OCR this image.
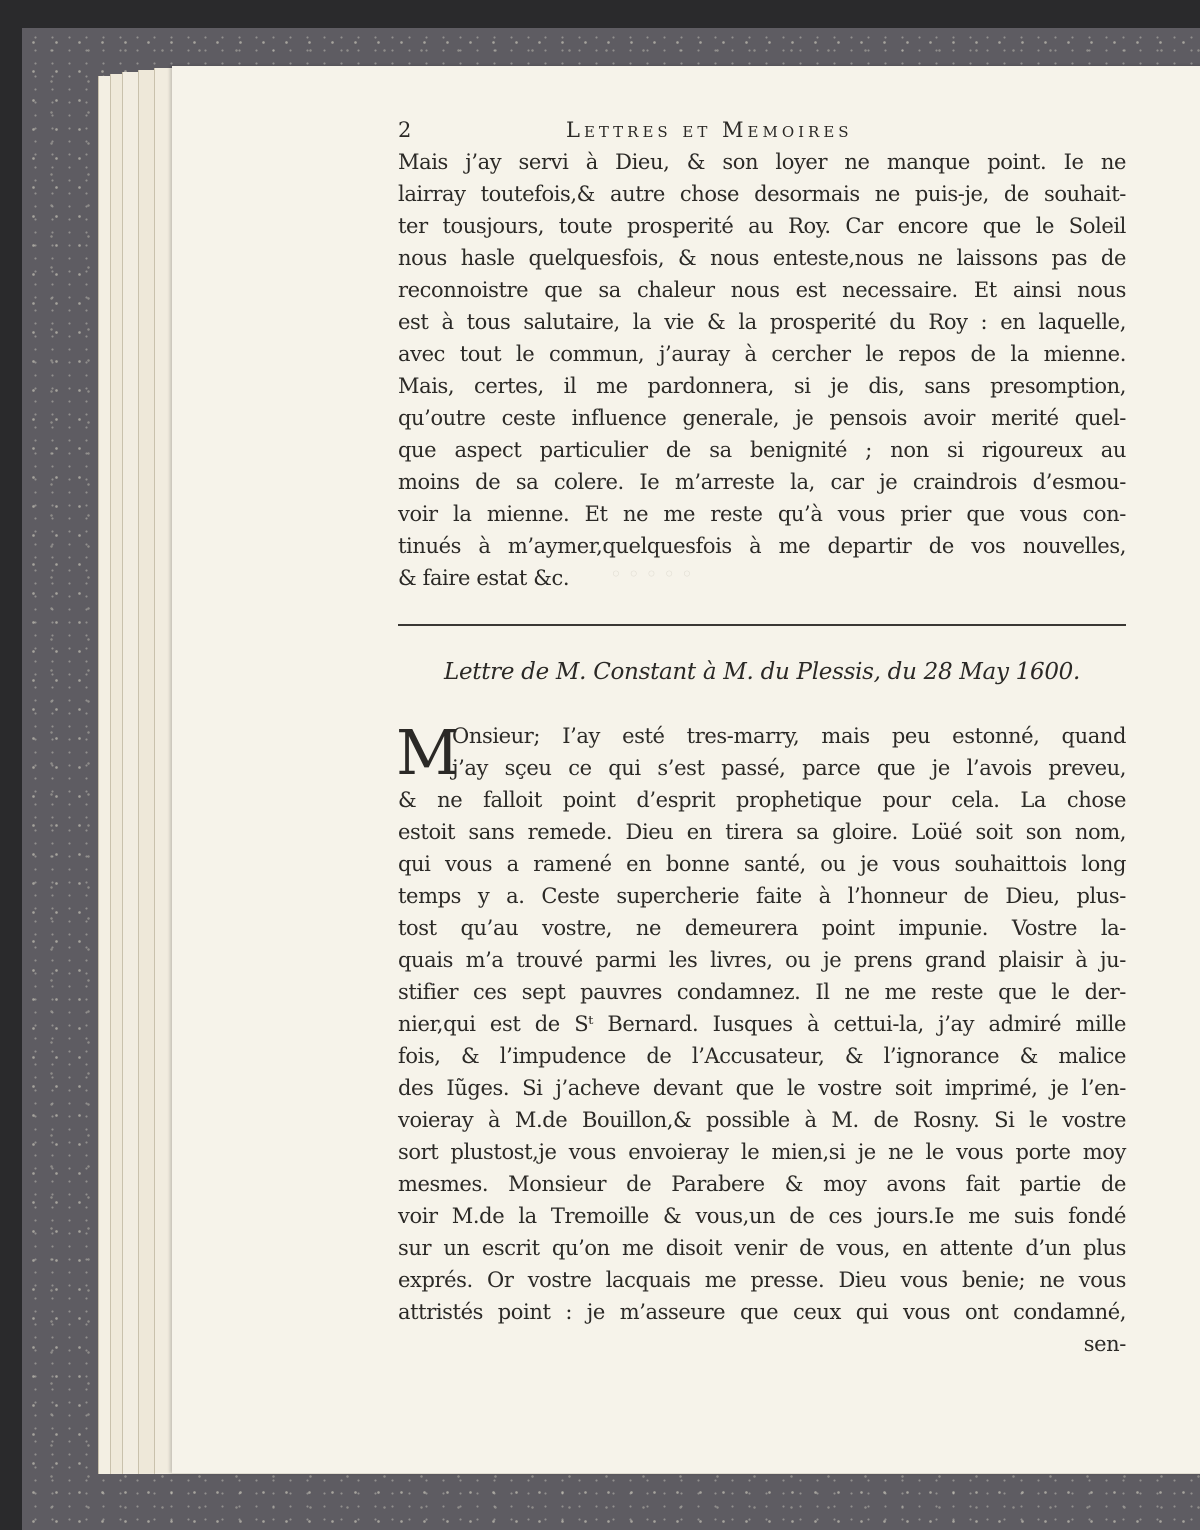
◦ ◦ ◦ ◦ ◦
2	Lettres et Memoires
Mais j’ay servi à Dieu, & son loyer ne manque point. Ie ne
lairray toutefois,& autre chose desormais ne puis-je, de souhait-
ter tousjours, toute prosperité au Roy. Car encore que le Soleil
nous hasle quelquesfois, & nous enteste,nous ne laissons pas de
reconnoistre que sa chaleur nous est necessaire. Et ainsi nous
est à tous salutaire, la vie & la prosperité du Roy : en laquelle,
avec tout le commun, j’auray à cercher le repos de la mienne.
Mais, certes, il me pardonnera, si je dis, sans presomption,
qu’outre ceste influence generale, je pensois avoir merité quel-
que aspect particulier de sa benignité ; non si rigoureux au
moins de sa colere. Ie m’arreste la, car je craindrois d’esmou-
voir la mienne. Et ne me reste qu’à vous prier que vous con-
tinués à m’aymer,quelquesfois à me departir de vos nouvelles,
& faire estat &c.
Lettre de M. Constant à M. du Plessis, du 28 May 1600.
M
Onsieur; I’ay esté tres-marry, mais peu estonné, quand
j’ay sçeu ce qui s’est passé, parce que je l’avois preveu,
& ne falloit point d’esprit prophetique pour cela. La chose
estoit sans remede. Dieu en tirera sa gloire. Loüé soit son nom,
qui vous a ramené en bonne santé, ou je vous souhaittois long
temps y a. Ceste supercherie faite à l’honneur de Dieu, plus-
tost qu’au vostre, ne demeurera point impunie. Vostre la-
quais m’a trouvé parmi les livres, ou je prens grand plaisir à ju-
stifier ces sept pauvres condamnez. Il ne me reste que le der-
nier,qui est de Sᵗ Bernard. Iusques à cettui-la, j’ay admiré mille
fois, & l’impudence de l’Accusateur, & l’ignorance & malice
des Iũges. Si j’acheve devant que le vostre soit imprimé, je l’en-
voieray à M.de Bouillon,& possible à M. de Rosny. Si le vostre
sort plustost,je vous envoieray le mien,si je ne le vous porte moy
mesmes. Monsieur de Parabere & moy avons fait partie de
voir M.de la Tremoille & vous,un de ces jours.Ie me suis fondé
sur un escrit qu’on me disoit venir de vous, en attente d’un plus
exprés. Or vostre lacquais me presse. Dieu vous benie; ne vous
attristés point : je m’asseure que ceux qui vous ont condamné,
sen-
